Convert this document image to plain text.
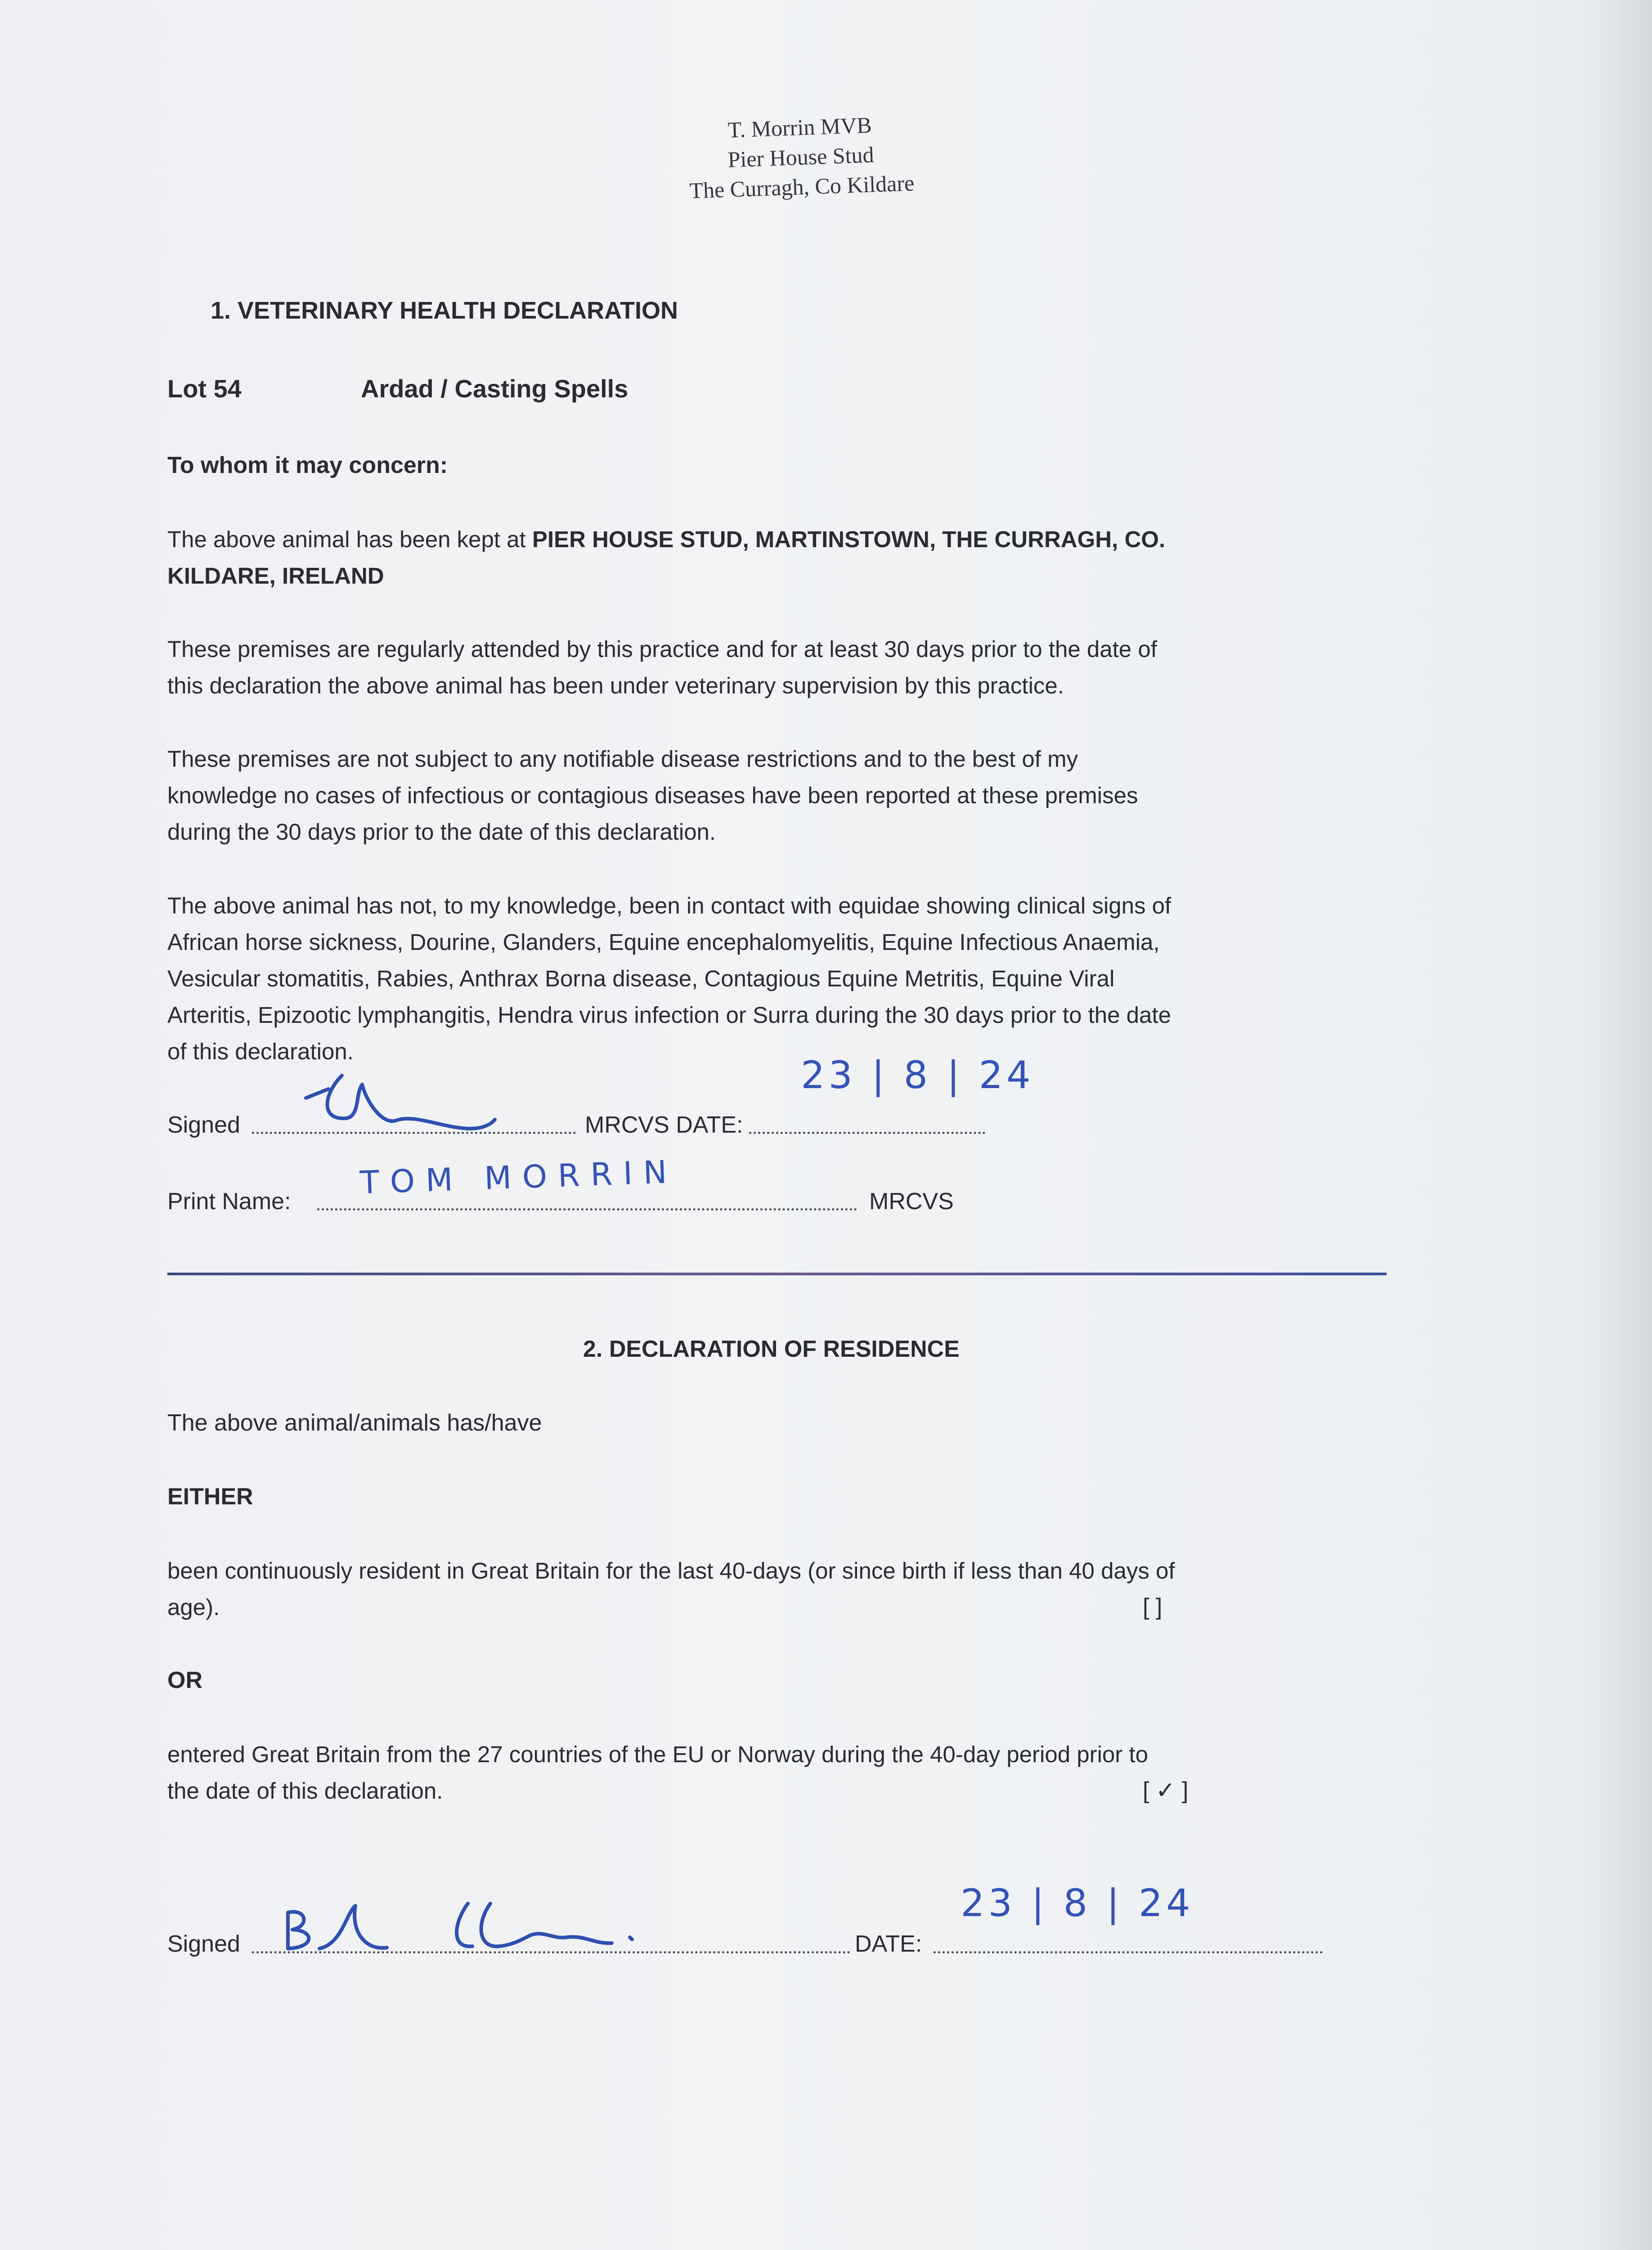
T. Morrin MVB
Pier House Stud
The Curragh, Co Kildare
1. VETERINARY HEALTH DECLARATION
Lot 54	Ardad / Casting Spells
To whom it may concern:
The above animal has been kept at PIER HOUSE STUD, MARTINSTOWN, THE CURRAGH, CO.
KILDARE, IRELAND
These premises are regularly attended by this practice and for at least 30 days prior to the date of
this declaration the above animal has been under veterinary supervision by this practice.
These premises are not subject to any notifiable disease restrictions and to the best of my
knowledge no cases of infectious or contagious diseases have been reported at these premises
during the 30 days prior to the date of this declaration.
The above animal has not, to my knowledge, been in contact with equidae showing clinical signs of
African horse sickness, Dourine, Glanders, Equine encephalomyelitis, Equine Infectious Anaemia,
Vesicular stomatitis, Rabies, Anthrax Borna disease, Contagious Equine Metritis, Equine Viral
Arteritis, Epizootic lymphangitis, Hendra virus infection or Surra during the 30 days prior to the date
of this declaration.
Signed	MRCVS DATE:
23 | 8 | 24
Print Name:	MRCVS
TOM MORRIN
2. DECLARATION OF RESIDENCE
The above animal/animals has/have
EITHER
been continuously resident in Great Britain for the last 40-days (or since birth if less than 40 days of
age).	[ ]
OR
entered Great Britain from the 27 countries of the EU or Norway during the 40-day period prior to
the date of this declaration.	[ ✓ ]
Signed	DATE:
23 | 8 | 24
